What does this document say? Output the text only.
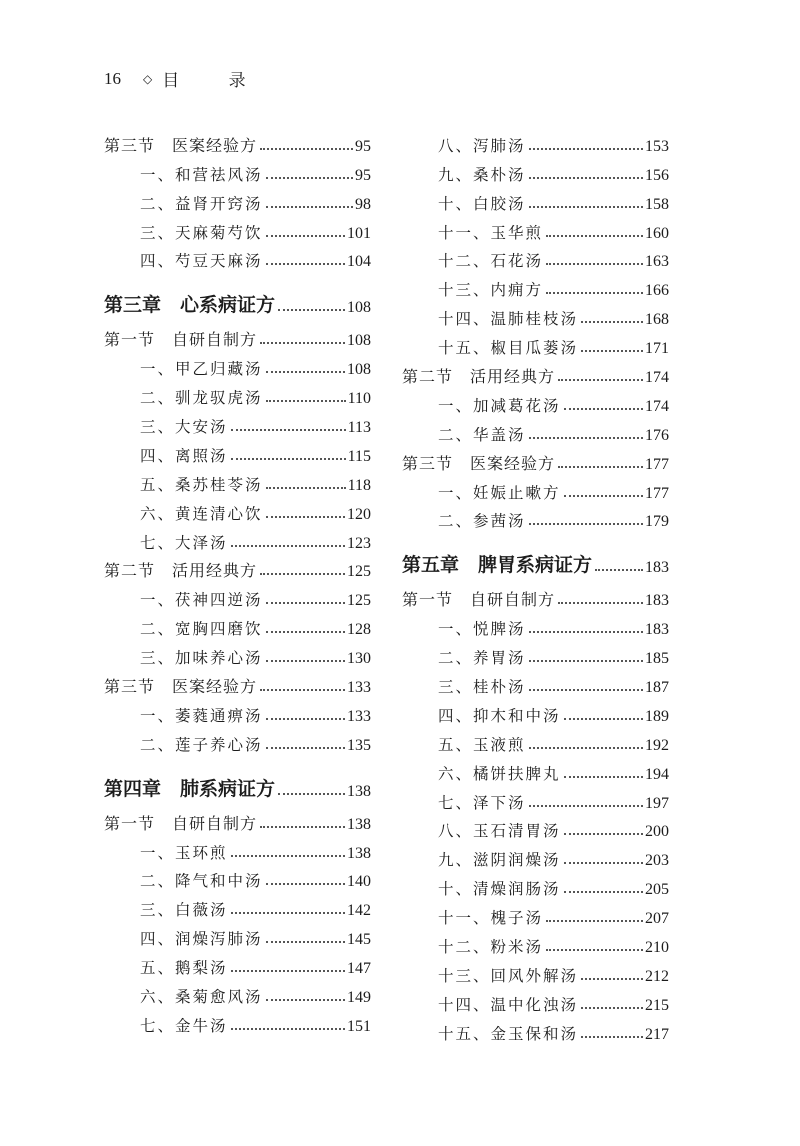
16 ◇ 目 录
第三节　医案经验方	95
一、和营祛风汤	95
二、益肾开窍汤	98
三、天麻菊芍饮	101
四、芍豆天麻汤	104
第三章　心系病证方	108
第一节　自研自制方	108
一、甲乙归藏汤	108
二、驯龙驭虎汤	110
三、大安汤	113
四、离照汤	115
五、桑苏桂苓汤	118
六、黄连清心饮	120
七、大泽汤	123
第二节　活用经典方	125
一、茯神四逆汤	125
二、宽胸四磨饮	128
三、加味养心汤	130
第三节　医案经验方	133
一、萎蕤通痹汤	133
二、莲子养心汤	135
第四章　肺系病证方	138
第一节　自研自制方	138
一、玉环煎	138
二、降气和中汤	140
三、白薇汤	142
四、润燥泻肺汤	145
五、鹅梨汤	147
六、桑菊愈风汤	149
七、金牛汤	151
八、泻肺汤	153
九、桑朴汤	156
十、白胶汤	158
十一、玉华煎	160
十二、石花汤	163
十三、内痈方	166
十四、温肺桂枝汤	168
十五、椒目瓜蒌汤	171
第二节　活用经典方	174
一、加减葛花汤	174
二、华盖汤	176
第三节　医案经验方	177
一、妊娠止嗽方	177
二、参茜汤	179
第五章　脾胃系病证方	183
第一节　自研自制方	183
一、悦脾汤	183
二、养胃汤	185
三、桂朴汤	187
四、抑木和中汤	189
五、玉液煎	192
六、橘饼扶脾丸	194
七、泽下汤	197
八、玉石清胃汤	200
九、滋阴润燥汤	203
十、清燥润肠汤	205
十一、槐子汤	207
十二、粉米汤	210
十三、回风外解汤	212
十四、温中化浊汤	215
十五、金玉保和汤	217
